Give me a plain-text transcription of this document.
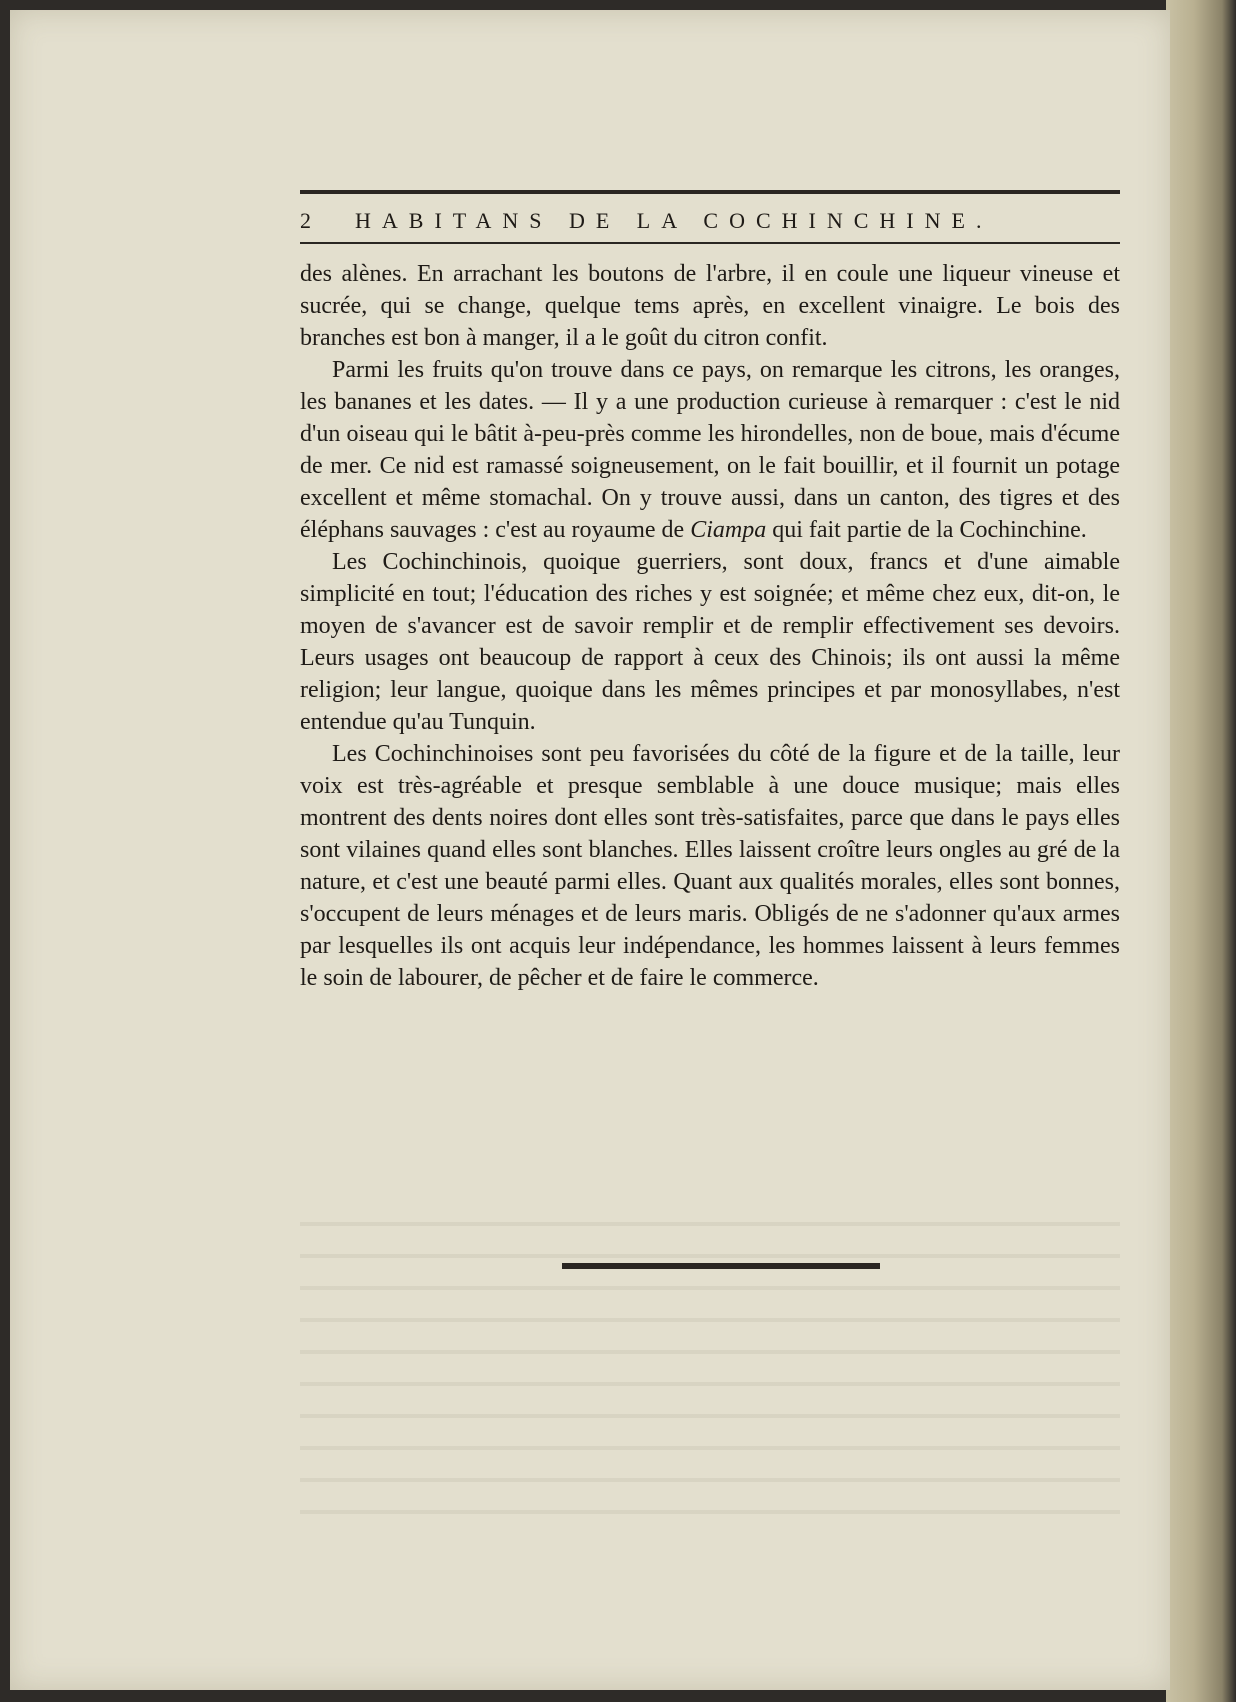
2	HABITANS DE LA COCHINCHINE.

des alènes. En arrachant les boutons de l'arbre, il en coule une liqueur vineuse et sucrée, qui se change, quelque tems après, en excellent vinaigre. Le bois des branches est bon à manger, il a le goût du citron confit.

Parmi les fruits qu'on trouve dans ce pays, on remarque les citrons, les oranges, les bananes et les dates. — Il y a une production curieuse à remarquer : c'est le nid d'un oiseau qui le bâtit à-peu-près comme les hirondelles, non de boue, mais d'écume de mer. Ce nid est ramassé soigneusement, on le fait bouillir, et il fournit un potage excellent et même stomachal. On y trouve aussi, dans un canton, des tigres et des éléphans sauvages : c'est au royaume de Ciampa qui fait partie de la Cochinchine.

Les Cochinchinois, quoique guerriers, sont doux, francs et d'une aimable simplicité en tout; l'éducation des riches y est soignée; et même chez eux, dit-on, le moyen de s'avancer est de savoir remplir et de remplir effectivement ses devoirs. Leurs usages ont beaucoup de rapport à ceux des Chinois; ils ont aussi la même religion; leur langue, quoique dans les mêmes principes et par monosyllabes, n'est entendue qu'au Tunquin.

Les Cochinchinoises sont peu favorisées du côté de la figure et de la taille, leur voix est très-agréable et presque semblable à une douce musique; mais elles montrent des dents noires dont elles sont très-satisfaites, parce que dans le pays elles sont vilaines quand elles sont blanches. Elles laissent croître leurs ongles au gré de la nature, et c'est une beauté parmi elles. Quant aux qualités morales, elles sont bonnes, s'occupent de leurs ménages et de leurs maris. Obligés de ne s'adonner qu'aux armes par lesquelles ils ont acquis leur indépendance, les hommes laissent à leurs femmes le soin de labourer, de pêcher et de faire le commerce.
